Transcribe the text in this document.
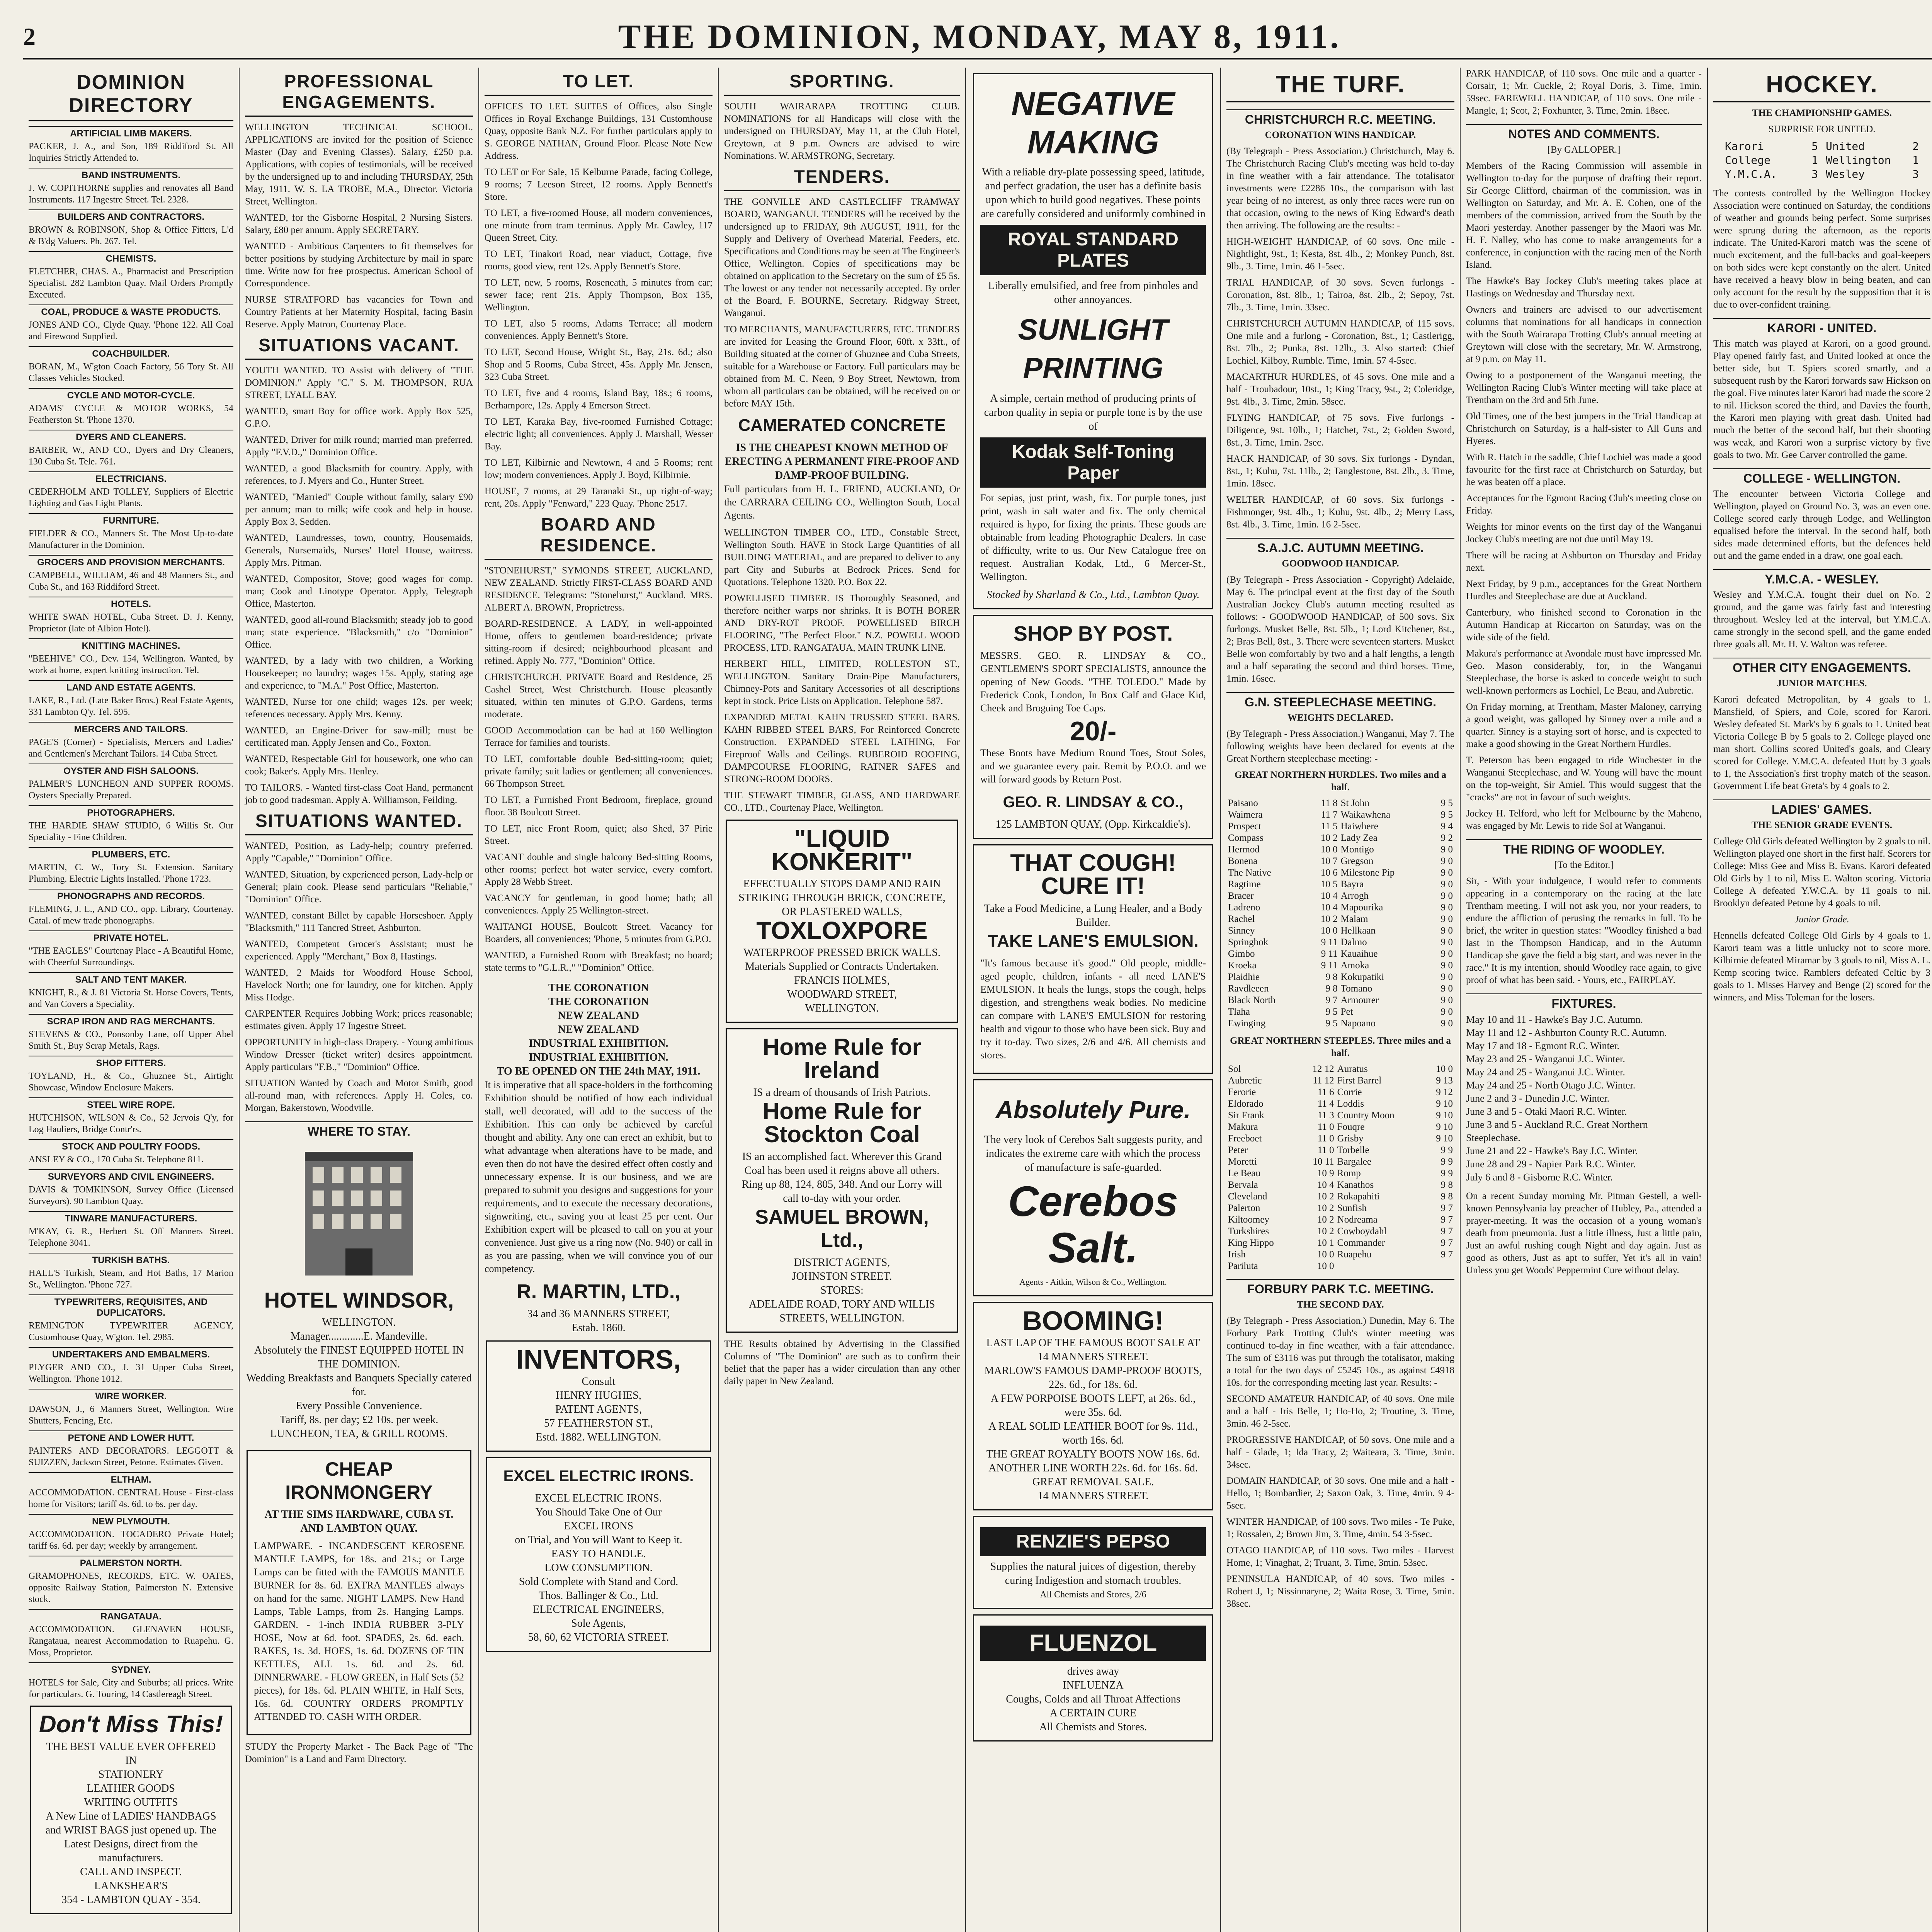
2	THE DOMINION, MONDAY, MAY 8, 1911.
DOMINION DIRECTORY
ARTIFICIAL LIMB MAKERS.
PACKER, J. A., and Son, 189 Riddiford St. All Inquiries Strictly Attended to.
BAND INSTRUMENTS.
J. W. COPITHORNE supplies and renovates all Band Instruments. 117 Ingestre Street. Tel. 2328.
BUILDERS AND CONTRACTORS.
BROWN & ROBINSON, Shop & Office Fitters, L'd & B'dg Valuers. Ph. 267. Tel.
CHEMISTS.
FLETCHER, CHAS. A., Pharmacist and Prescription Specialist. 282 Lambton Quay. Mail Orders Promptly Executed.
COAL, PRODUCE & WASTE PRODUCTS.
JONES AND CO., Clyde Quay. 'Phone 122. All Coal and Firewood Supplied.
COACHBUILDER.
BORAN, M., W'gton Coach Factory, 56 Tory St. All Classes Vehicles Stocked.
CYCLE AND MOTOR-CYCLE.
ADAMS' CYCLE & MOTOR WORKS, 54 Featherston St. 'Phone 1370.
DYERS AND CLEANERS.
BARBER, W., AND CO., Dyers and Dry Cleaners, 130 Cuba St. Tele. 761.
ELECTRICIANS.
CEDERHOLM AND TOLLEY, Suppliers of Electric Lighting and Gas Light Plants.
FURNITURE.
FIELDER & CO., Manners St. The Most Up-to-date Manufacturer in the Dominion.
GROCERS AND PROVISION MERCHANTS.
CAMPBELL, WILLIAM, 46 and 48 Manners St., and Cuba St., and 163 Riddiford Street.
HOTELS.
WHITE SWAN HOTEL, Cuba Street. D. J. Kenny, Proprietor (late of Albion Hotel).
KNITTING MACHINES.
"BEEHIVE" CO., Dev. 154, Wellington. Wanted, by work at home, expert knitting instruction. Tel.
LAND AND ESTATE AGENTS.
LAKE, R., Ltd. (Late Baker Bros.) Real Estate Agents, 331 Lambton Q'y. Tel. 595.
MERCERS AND TAILORS.
PAGE'S (Corner) - Specialists, Mercers and Ladies' and Gentlemen's Merchant Tailors. 14 Cuba Street.
OYSTER AND FISH SALOONS.
PALMER'S LUNCHEON AND SUPPER ROOMS. Oysters Specially Prepared.
PHOTOGRAPHERS.
THE HARDIE SHAW STUDIO, 6 Willis St. Our Speciality - Fine Children.
PLUMBERS, ETC.
MARTIN, C. W., Tory St. Extension. Sanitary Plumbing. Electric Lights Installed. 'Phone 1723.
PHONOGRAPHS AND RECORDS.
FLEMING, J. L., AND CO., opp. Library, Courtenay. Catal. of mew trade phonographs.
PRIVATE HOTEL.
"THE EAGLES" Courtenay Place - A Beautiful Home, with Cheerful Surroundings.
SALT AND TENT MAKER.
KNIGHT, R., & J. 81 Victoria St. Horse Covers, Tents, and Van Covers a Speciality.
SCRAP IRON AND RAG MERCHANTS.
STEVENS & CO., Ponsonby Lane, off Upper Abel Smith St., Buy Scrap Metals, Rags.
SHOP FITTERS.
TOYLAND, H., & Co., Ghuznee St., Airtight Showcase, Window Enclosure Makers.
STEEL WIRE ROPE.
HUTCHISON, WILSON & Co., 52 Jervois Q'y, for Log Hauliers, Bridge Contr'rs.
STOCK AND POULTRY FOODS.
ANSLEY & CO., 170 Cuba St. Telephone 811.
SURVEYORS AND CIVIL ENGINEERS.
DAVIS & TOMKINSON, Survey Office (Licensed Surveyors). 90 Lambton Quay.
TINWARE MANUFACTURERS.
M'KAY, G. R., Herbert St. Off Manners Street. Telephone 3041.
TURKISH BATHS.
HALL'S Turkish, Steam, and Hot Baths, 17 Marion St., Wellington. 'Phone 727.
TYPEWRITERS, REQUISITES, AND DUPLICATORS.
REMINGTON TYPEWRITER AGENCY, Customhouse Quay, W'gton. Tel. 2985.
UNDERTAKERS AND EMBALMERS.
PLYGER AND CO., J. 31 Upper Cuba Street, Wellington. 'Phone 1012.
WIRE WORKER.
DAWSON, J., 6 Manners Street, Wellington. Wire Shutters, Fencing, Etc.
PETONE AND LOWER HUTT.
PAINTERS AND DECORATORS. LEGGOTT & SUIZZEN, Jackson Street, Petone. Estimates Given.
ELTHAM.
ACCOMMODATION. CENTRAL House - First-class home for Visitors; tariff 4s. 6d. to 6s. per day.
NEW PLYMOUTH.
ACCOMMODATION. TOCADERO Private Hotel; tariff 6s. 6d. per day; weekly by arrangement.
PALMERSTON NORTH.
GRAMOPHONES, RECORDS, ETC. W. OATES, opposite Railway Station, Palmerston N. Extensive stock.
RANGATAUA.
ACCOMMODATION. GLENAVEN HOUSE, Rangataua, nearest Accommodation to Ruapehu. G. Moss, Proprietor.
SYDNEY.
HOTELS for Sale, City and Suburbs; all prices. Write for particulars. G. Touring, 14 Castlereagh Street.
Don't Miss This!
THE BEST VALUE EVER OFFERED
IN
STATIONERY
LEATHER GOODS
WRITING OUTFITS
A New Line of LADIES' HANDBAGS and WRIST BAGS just opened up. The Latest Designs, direct from the manufacturers.
CALL AND INSPECT.
LANKSHEAR'S
354 - LAMBTON QUAY - 354.
PROFESSIONAL ENGAGEMENTS.
WELLINGTON TECHNICAL SCHOOL. APPLICATIONS are invited for the position of Science Master (Day and Evening Classes). Salary, £250 p.a. Applications, with copies of testimonials, will be received by the undersigned up to and including THURSDAY, 25th May, 1911. W. S. LA TROBE, M.A., Director. Victoria Street, Wellington.
WANTED, for the Gisborne Hospital, 2 Nursing Sisters. Salary, £80 per annum. Apply SECRETARY.
WANTED - Ambitious Carpenters to fit themselves for better positions by studying Architecture by mail in spare time. Write now for free prospectus. American School of Correspondence.
NURSE STRATFORD has vacancies for Town and Country Patients at her Maternity Hospital, facing Basin Reserve. Apply Matron, Courtenay Place.
SITUATIONS VACANT.
YOUTH WANTED. TO Assist with delivery of "THE DOMINION." Apply "C." S. M. THOMPSON, RUA STREET, LYALL BAY.
WANTED, smart Boy for office work. Apply Box 525, G.P.O.
WANTED, Driver for milk round; married man preferred. Apply "F.V.D.," Dominion Office.
WANTED, a good Blacksmith for country. Apply, with references, to J. Myers and Co., Hunter Street.
WANTED, "Married" Couple without family, salary £90 per annum; man to milk; wife cook and help in house. Apply Box 3, Sedden.
WANTED, Laundresses, town, country, Housemaids, Generals, Nursemaids, Nurses' Hotel House, waitress. Apply Mrs. Pitman.
WANTED, Compositor, Stove; good wages for comp. man; Cook and Linotype Operator. Apply, Telegraph Office, Masterton.
WANTED, good all-round Blacksmith; steady job to good man; state experience. "Blacksmith," c/o "Dominion" Office.
WANTED, by a lady with two children, a Working Housekeeper; no laundry; wages 15s. Apply, stating age and experience, to "M.A." Post Office, Masterton.
WANTED, Nurse for one child; wages 12s. per week; references necessary. Apply Mrs. Kenny.
WANTED, an Engine-Driver for saw-mill; must be certificated man. Apply Jensen and Co., Foxton.
WANTED, Respectable Girl for housework, one who can cook; Baker's. Apply Mrs. Henley.
TO TAILORS. - Wanted first-class Coat Hand, permanent job to good tradesman. Apply A. Williamson, Feilding.
SITUATIONS WANTED.
WANTED, Position, as Lady-help; country preferred. Apply "Capable," "Dominion" Office.
WANTED, Situation, by experienced person, Lady-help or General; plain cook. Please send particulars "Reliable," "Dominion" Office.
WANTED, constant Billet by capable Horseshoer. Apply "Blacksmith," 111 Tancred Street, Ashburton.
WANTED, Competent Grocer's Assistant; must be experienced. Apply "Merchant," Box 8, Hastings.
WANTED, 2 Maids for Woodford House School, Havelock North; one for laundry, one for kitchen. Apply Miss Hodge.
CARPENTER Requires Jobbing Work; prices reasonable; estimates given. Apply 17 Ingestre Street.
OPPORTUNITY in high-class Drapery. - Young ambitious Window Dresser (ticket writer) desires appointment. Apply particulars "F.B.," "Dominion" Office.
SITUATION Wanted by Coach and Motor Smith, good all-round man, with references. Apply H. Coles, co. Morgan, Bakerstown, Woodville.
WHERE TO STAY.
HOTEL WINDSOR,
WELLINGTON.
Manager.............E. Mandeville.
Absolutely the FINEST EQUIPPED HOTEL IN THE DOMINION.
Wedding Breakfasts and Banquets Specially catered for.
Every Possible Convenience.
Tariff, 8s. per day; £2 10s. per week.
LUNCHEON, TEA, & GRILL ROOMS.
CHEAP IRONMONGERY
AT THE SIMS HARDWARE, CUBA ST. AND LAMBTON QUAY.
LAMPWARE. - INCANDESCENT KEROSENE MANTLE LAMPS, for 18s. and 21s.; or Large Lamps can be fitted with the FAMOUS MANTLE BURNER for 8s. 6d. EXTRA MANTLES always on hand for the same. NIGHT LAMPS. New Hand Lamps, Table Lamps, from 2s. Hanging Lamps. GARDEN. - 1-inch INDIA RUBBER 3-PLY HOSE, Now at 6d. foot. SPADES, 2s. 6d. each. RAKES, 1s. 3d. HOES, 1s. 6d. DOZENS OF TIN KETTLES, ALL 1s. 6d. and 2s. 6d. DINNERWARE. - FLOW GREEN, in Half Sets (52 pieces), for 18s. 6d. PLAIN WHITE, in Half Sets, 16s. 6d. COUNTRY ORDERS PROMPTLY ATTENDED TO. CASH WITH ORDER.
STUDY the Property Market - The Back Page of "The Dominion" is a Land and Farm Directory.
TO LET.
OFFICES TO LET. SUITES of Offices, also Single Offices in Royal Exchange Buildings, 131 Customhouse Quay, opposite Bank N.Z. For further particulars apply to S. GEORGE NATHAN, Ground Floor. Please Note New Address.
TO LET or For Sale, 15 Kelburne Parade, facing College, 9 rooms; 7 Leeson Street, 12 rooms. Apply Bennett's Store.
TO LET, a five-roomed House, all modern conveniences, one minute from tram terminus. Apply Mr. Cawley, 117 Queen Street, City.
TO LET, Tinakori Road, near viaduct, Cottage, five rooms, good view, rent 12s. Apply Bennett's Store.
TO LET, new, 5 rooms, Roseneath, 5 minutes from car; sewer face; rent 21s. Apply Thompson, Box 135, Wellington.
TO LET, also 5 rooms, Adams Terrace; all modern conveniences. Apply Bennett's Store.
TO LET, Second House, Wright St., Bay, 21s. 6d.; also Shop and 5 Rooms, Cuba Street, 45s. Apply Mr. Jensen, 323 Cuba Street.
TO LET, five and 4 rooms, Island Bay, 18s.; 6 rooms, Berhampore, 12s. Apply 4 Emerson Street.
TO LET, Karaka Bay, five-roomed Furnished Cottage; electric light; all conveniences. Apply J. Marshall, Wesser Bay.
TO LET, Kilbirnie and Newtown, 4 and 5 Rooms; rent low; modern conveniences. Apply J. Boyd, Kilbirnie.
HOUSE, 7 rooms, at 29 Taranaki St., up right-of-way; rent, 20s. Apply "Fenward," 223 Quay. 'Phone 2517.
BOARD AND RESIDENCE.
"STONEHURST," SYMONDS STREET, AUCKLAND, NEW ZEALAND. Strictly FIRST-CLASS BOARD AND RESIDENCE. Telegrams: "Stonehurst," Auckland. MRS. ALBERT A. BROWN, Proprietress.
BOARD-RESIDENCE. A LADY, in well-appointed Home, offers to gentlemen board-residence; private sitting-room if desired; neighbourhood pleasant and refined. Apply No. 777, "Dominion" Office.
CHRISTCHURCH. PRIVATE Board and Residence, 25 Cashel Street, West Christchurch. House pleasantly situated, within ten minutes of G.P.O. Gardens, terms moderate.
GOOD Accommodation can be had at 160 Wellington Terrace for families and tourists.
TO LET, comfortable double Bed-sitting-room; quiet; private family; suit ladies or gentlemen; all conveniences. 66 Thompson Street.
TO LET, a Furnished Front Bedroom, fireplace, ground floor. 38 Boulcott Street.
TO LET, nice Front Room, quiet; also Shed, 37 Pirie Street.
VACANT double and single balcony Bed-sitting Rooms, other rooms; perfect hot water service, every comfort. Apply 28 Webb Street.
VACANCY for gentleman, in good home; bath; all conveniences. Apply 25 Wellington-street.
WAITANGI HOUSE, Boulcott Street. Vacancy for Boarders, all conveniences; 'Phone, 5 minutes from G.P.O.
WANTED, a Furnished Room with Breakfast; no board; state terms to "G.L.R.," "Dominion" Office.
THE CORONATION
THE CORONATION
NEW ZEALAND
NEW ZEALAND
INDUSTRIAL EXHIBITION.
INDUSTRIAL EXHIBITION.
TO BE OPENED ON THE 24th MAY, 1911.
It is imperative that all space-holders in the forthcoming Exhibition should be notified of how each individual stall, well decorated, will add to the success of the Exhibition. This can only be achieved by careful thought and ability. Any one can erect an exhibit, but to what advantage when alterations have to be made, and even then do not have the desired effect often costly and unnecessary expense. It is our business, and we are prepared to submit you designs and suggestions for your requirements, and to execute the necessary decorations, signwriting, etc., saving you at least 25 per cent. Our Exhibition expert will be pleased to call on you at your convenience. Just give us a ring now (No. 940) or call in as you are passing, when we will convince you of our competency.
R. MARTIN, LTD.,
34 and 36 MANNERS STREET,
Estab. 1860.
INVENTORS,
Consult
HENRY HUGHES,
PATENT AGENTS,
57 FEATHERSTON ST.,
Estd. 1882. WELLINGTON.
EXCEL ELECTRIC IRONS.
EXCEL ELECTRIC IRONS.
You Should Take One of Our
EXCEL IRONS
on Trial, and You will Want to Keep it.
EASY TO HANDLE.
LOW CONSUMPTION.
Sold Complete with Stand and Cord.
Thos. Ballinger & Co., Ltd.
ELECTRICAL ENGINEERS,
Sole Agents,
58, 60, 62 VICTORIA STREET.
SPORTING.
SOUTH WAIRARAPA TROTTING CLUB. NOMINATIONS for all Handicaps will close with the undersigned on THURSDAY, May 11, at the Club Hotel, Greytown, at 9 p.m. Owners are advised to wire Nominations. W. ARMSTRONG, Secretary.
TENDERS.
THE GONVILLE AND CASTLECLIFF TRAMWAY BOARD, WANGANUI. TENDERS will be received by the undersigned up to FRIDAY, 9th AUGUST, 1911, for the Supply and Delivery of Overhead Material, Feeders, etc. Specifications and Conditions may be seen at The Engineer's Office, Wellington. Copies of specifications may be obtained on application to the Secretary on the sum of £5 5s. The lowest or any tender not necessarily accepted. By order of the Board, F. BOURNE, Secretary. Ridgway Street, Wanganui.
TO MERCHANTS, MANUFACTURERS, ETC. TENDERS are invited for Leasing the Ground Floor, 60ft. x 33ft., of Building situated at the corner of Ghuznee and Cuba Streets, suitable for a Warehouse or Factory. Full particulars may be obtained from M. C. Neen, 9 Boy Street, Newtown, from whom all particulars can be obtained, will be received on or before MAY 15th.
CAMERATED CONCRETE
IS THE CHEAPEST KNOWN METHOD OF ERECTING A PERMANENT FIRE-PROOF AND DAMP-PROOF BUILDING.
Full particulars from H. L. FRIEND, AUCKLAND, Or the CARRARA CEILING CO., Wellington South, Local Agents.
WELLINGTON TIMBER CO., LTD., Constable Street, Wellington South. HAVE in Stock Large Quantities of all BUILDING MATERIAL, and are prepared to deliver to any part City and Suburbs at Bedrock Prices. Send for Quotations. Telephone 1320. P.O. Box 22.
POWELLISED TIMBER. IS Thoroughly Seasoned, and therefore neither warps nor shrinks. It is BOTH BORER AND DRY-ROT PROOF. POWELLISED BIRCH FLOORING, "The Perfect Floor." N.Z. POWELL WOOD PROCESS, LTD. RANGATAUA, MAIN TRUNK LINE.
HERBERT HILL, LIMITED, ROLLESTON ST., WELLINGTON. Sanitary Drain-Pipe Manufacturers, Chimney-Pots and Sanitary Accessories of all descriptions kept in stock. Price Lists on Application. Telephone 587.
EXPANDED METAL KAHN TRUSSED STEEL BARS. KAHN RIBBED STEEL BARS, For Reinforced Concrete Construction. EXPANDED STEEL LATHING, For Fireproof Walls and Ceilings. RUBEROID ROOFING, DAMPCOURSE FLOORING, RATNER SAFES and STRONG-ROOM DOORS.
THE STEWART TIMBER, GLASS, AND HARDWARE CO., LTD., Courtenay Place, Wellington.
"LIQUID KONKERIT"
EFFECTUALLY STOPS DAMP AND RAIN STRIKING THROUGH BRICK, CONCRETE, OR PLASTERED WALLS,
TOXLOXPORE
WATERPROOF PRESSED BRICK WALLS.
Materials Supplied or Contracts Undertaken.
FRANCIS HOLMES,
WOODWARD STREET,
WELLINGTON.
Home Rule for Ireland
IS a dream of thousands of Irish Patriots.
Home Rule for Stockton Coal
IS an accomplished fact. Wherever this Grand Coal has been used it reigns above all others. Ring up 88, 124, 805, 348. And our Lorry will call to-day with your order.
SAMUEL BROWN, Ltd.,
DISTRICT AGENTS,
JOHNSTON STREET.
STORES:
ADELAIDE ROAD, TORY AND WILLIS STREETS, WELLINGTON.
THE Results obtained by Advertising in the Classified Columns of "The Dominion" are such as to confirm their belief that the paper has a wider circulation than any other daily paper in New Zealand.
NEGATIVE MAKING
With a reliable dry-plate possessing speed, latitude, and perfect gradation, the user has a definite basis upon which to build good negatives. These points are carefully considered and uniformly combined in
ROYAL STANDARD PLATES
Liberally emulsified, and free from pinholes and other annoyances.
SUNLIGHT PRINTING
A simple, certain method of producing prints of carbon quality in sepia or purple tone is by the use of
Kodak Self-Toning Paper
For sepias, just print, wash, fix. For purple tones, just print, wash in salt water and fix. The only chemical required is hypo, for fixing the prints. These goods are obtainable from leading Photographic Dealers. In case of difficulty, write to us. Our New Catalogue free on request. Australian Kodak, Ltd., 6 Mercer-St., Wellington.
Stocked by Sharland & Co., Ltd., Lambton Quay.
SHOP BY POST.
MESSRS. GEO. R. LINDSAY & CO., GENTLEMEN'S SPORT SPECIALISTS, announce the opening of New Goods. "THE TOLEDO." Made by Frederick Cook, London, In Box Calf and Glace Kid, Cheek and Broguing Toe Caps.
20/-
These Boots have Medium Round Toes, Stout Soles, and we guarantee every pair. Remit by P.O.O. and we will forward goods by Return Post.
GEO. R. LINDSAY & CO.,
125 LAMBTON QUAY, (Opp. Kirkcaldie's).
THAT COUGH! CURE IT!
Take a Food Medicine, a Lung Healer, and a Body Builder.
TAKE LANE'S EMULSION.
"It's famous because it's good." Old people, middle-aged people, children, infants - all need LANE'S EMULSION. It heals the lungs, stops the cough, helps digestion, and strengthens weak bodies. No medicine can compare with LANE'S EMULSION for restoring health and vigour to those who have been sick. Buy and try it to-day. Two sizes, 2/6 and 4/6. All chemists and stores.
Absolutely Pure.
The very look of Cerebos Salt suggests purity, and indicates the extreme care with which the process of manufacture is safe-guarded.
Cerebos Salt.
Agents - Aitkin, Wilson & Co., Wellington.
BOOMING!
LAST LAP OF THE FAMOUS BOOT SALE AT
14 MANNERS STREET.
MARLOW'S FAMOUS DAMP-PROOF BOOTS, 22s. 6d., for 18s. 6d.
A FEW PORPOISE BOOTS LEFT, at 26s. 6d., were 35s. 6d.
A REAL SOLID LEATHER BOOT for 9s. 11d., worth 16s. 6d.
THE GREAT ROYALTY BOOTS NOW 16s. 6d.
ANOTHER LINE WORTH 22s. 6d. for 16s. 6d.
GREAT REMOVAL SALE.
14 MANNERS STREET.
RENZIE'S PEPSO
Supplies the natural juices of digestion, thereby curing Indigestion and stomach troubles.
All Chemists and Stores, 2/6
FLUENZOL
drives away
INFLUENZA
Coughs, Colds and all Throat Affections
A CERTAIN CURE
All Chemists and Stores.
THE TURF.
CHRISTCHURCH R.C. MEETING.
CORONATION WINS HANDICAP.
(By Telegraph - Press Association.) Christchurch, May 6. The Christchurch Racing Club's meeting was held to-day in fine weather with a fair attendance. The totalisator investments were £2286 10s., the comparison with last year being of no interest, as only three races were run on that occasion, owing to the news of King Edward's death then arriving. The following are the results: -
HIGH-WEIGHT HANDICAP, of 60 sovs. One mile - Nightlight, 9st., 1; Kesta, 8st. 4lb., 2; Monkey Punch, 8st. 9lb., 3. Time, 1min. 46 1-5sec.
TRIAL HANDICAP, of 30 sovs. Seven furlongs - Coronation, 8st. 8lb., 1; Tairoa, 8st. 2lb., 2; Sepoy, 7st. 7lb., 3. Time, 1min. 33sec.
CHRISTCHURCH AUTUMN HANDICAP, of 115 sovs. One mile and a furlong - Coronation, 8st., 1; Castlerigg, 8st. 7lb., 2; Punka, 8st. 12lb., 3. Also started: Chief Lochiel, Kilboy, Rumble. Time, 1min. 57 4-5sec.
MACARTHUR HURDLES, of 45 sovs. One mile and a half - Troubadour, 10st., 1; King Tracy, 9st., 2; Coleridge, 9st. 4lb., 3. Time, 2min. 58sec.
FLYING HANDICAP, of 75 sovs. Five furlongs - Diligence, 9st. 10lb., 1; Hatchet, 7st., 2; Golden Sword, 8st., 3. Time, 1min. 2sec.
HACK HANDICAP, of 30 sovs. Six furlongs - Dyndan, 8st., 1; Kuhu, 7st. 11lb., 2; Tanglestone, 8st. 2lb., 3. Time, 1min. 18sec.
WELTER HANDICAP, of 60 sovs. Six furlongs - Fishmonger, 9st. 4lb., 1; Kuhu, 9st. 4lb., 2; Merry Lass, 8st. 4lb., 3. Time, 1min. 16 2-5sec.
S.A.J.C. AUTUMN MEETING.
GOODWOOD HANDICAP.
(By Telegraph - Press Association - Copyright) Adelaide, May 6. The principal event at the first day of the South Australian Jockey Club's autumn meeting resulted as follows: - GOODWOOD HANDICAP, of 500 sovs. Six furlongs. Musket Belle, 8st. 5lb., 1; Lord Kitchener, 8st., 2; Bras Bell, 8st., 3. There were seventeen starters. Musket Belle won comfortably by two and a half lengths, a length and a half separating the second and third horses. Time, 1min. 16sec.
G.N. STEEPLECHASE MEETING.
WEIGHTS DECLARED.
(By Telegraph - Press Association.) Wanganui, May 7. The following weights have been declared for events at the Great Northern steeplechase meeting: -
GREAT NORTHERN HURDLES. Two miles and a half.
Paisano	11 8	St John	9 5
Waimera	11 7	Waikawhena	9 5
Prospect	11 5	Haiwhere	9 4
Compass	10 2	Lady Zea	9 2
Hermod	10 0	Montigo	9 0
Bonena	10 7	Gregson	9 0
The Native	10 6	Milestone Pip	9 0
Ragtime	10 5	Bayra	9 0
Bracer	10 4	Arrogh	9 0
Ladreno	10 4	Mapourika	9 0
Rachel	10 2	Malam	9 0
Sinney	10 0	Hellkaan	9 0
Springbok	9 11	Dalmo	9 0
Gimbo	9 11	Kauaihue	9 0
Kroeka	9 11	Amoka	9 0
Plaidhie	9 8	Kokupatiki	9 0
Ravdleeen	9 8	Tomano	9 0
Black North	9 7	Armourer	9 0
Tlaha	9 5	Pet	9 0
Ewinging	9 5	Napoano	9 0
GREAT NORTHERN STEEPLES. Three miles and a half.
Sol	12 12	Auratus	10 0
Aubretic	11 12	First Barrel	9 13
Ferorie	11 6	Corrie	9 12
Eldorado	11 4	Loddis	9 10
Sir Frank	11 3	Country Moon	9 10
Makura	11 0	Fouqre	9 10
Freeboet	11 0	Grisby	9 10
Peter	11 0	Torbelle	9 9
Moretti	10 11	Bargalee	9 9
Le Beau	10 9	Romp	9 9
Bervala	10 4	Kanathos	9 8
Cleveland	10 2	Rokapahiti	9 8
Palerton	10 2	Sunfish	9 7
Kiltoomey	10 2	Nodreama	9 7
Turkshires	10 2	Cowboydahl	9 7
King Hippo	10 1	Commander	9 7
Irish	10 0	Ruapehu	9 7
Pariluta	10 0		
FORBURY PARK T.C. MEETING.
THE SECOND DAY.
(By Telegraph - Press Association.) Dunedin, May 6. The Forbury Park Trotting Club's winter meeting was continued to-day in fine weather, with a fair attendance. The sum of £3116 was put through the totalisator, making a total for the two days of £5245 10s., as against £4918 10s. for the corresponding meeting last year. Results: -
SECOND AMATEUR HANDICAP, of 40 sovs. One mile and a half - Iris Belle, 1; Ho-Ho, 2; Troutine, 3. Time, 3min. 46 2-5sec.
PROGRESSIVE HANDICAP, of 50 sovs. One mile and a half - Glade, 1; Ida Tracy, 2; Waiteara, 3. Time, 3min. 34sec.
DOMAIN HANDICAP, of 30 sovs. One mile and a half - Hello, 1; Bombardier, 2; Saxon Oak, 3. Time, 4min. 9 4-5sec.
WINTER HANDICAP, of 100 sovs. Two miles - Te Puke, 1; Rossalen, 2; Brown Jim, 3. Time, 4min. 54 3-5sec.
OTAGO HANDICAP, of 110 sovs. Two miles - Harvest Home, 1; Vinaghat, 2; Truant, 3. Time, 3min. 53sec.
PENINSULA HANDICAP, of 40 sovs. Two miles - Robert J, 1; Nissinnaryne, 2; Waita Rose, 3. Time, 5min. 38sec.
PARK HANDICAP, of 110 sovs. One mile and a quarter - Corsair, 1; Mr. Cuckle, 2; Royal Doris, 3. Time, 1min. 59sec. FAREWELL HANDICAP, of 110 sovs. One mile - Mangle, 1; Scot, 2; Foxhunter, 3. Time, 2min. 18sec.
NOTES AND COMMENTS.
[By GALLOPER.]
Members of the Racing Commission will assemble in Wellington to-day for the purpose of drafting their report. Sir George Clifford, chairman of the commission, was in Wellington on Saturday, and Mr. A. E. Cohen, one of the members of the commission, arrived from the South by the Maori yesterday. Another passenger by the Maori was Mr. H. F. Nalley, who has come to make arrangements for a conference, in conjunction with the racing men of the North Island.
The Hawke's Bay Jockey Club's meeting takes place at Hastings on Wednesday and Thursday next.
Owners and trainers are advised to our advertisement columns that nominations for all handicaps in connection with the South Wairarapa Trotting Club's annual meeting at Greytown will close with the secretary, Mr. W. Armstrong, at 9 p.m. on May 11.
Owing to a postponement of the Wanganui meeting, the Wellington Racing Club's Winter meeting will take place at Trentham on the 3rd and 5th June.
Old Times, one of the best jumpers in the Trial Handicap at Christchurch on Saturday, is a half-sister to All Guns and Hyeres.
With R. Hatch in the saddle, Chief Lochiel was made a good favourite for the first race at Christchurch on Saturday, but he was beaten off a place.
Acceptances for the Egmont Racing Club's meeting close on Friday.
Weights for minor events on the first day of the Wanganui Jockey Club's meeting are not due until May 19.
There will be racing at Ashburton on Thursday and Friday next.
Next Friday, by 9 p.m., acceptances for the Great Northern Hurdles and Steeplechase are due at Auckland.
Canterbury, who finished second to Coronation in the Autumn Handicap at Riccarton on Saturday, was on the wide side of the field.
Makura's performance at Avondale must have impressed Mr. Geo. Mason considerably, for, in the Wanganui Steeplechase, the horse is asked to concede weight to such well-known performers as Lochiel, Le Beau, and Aubretic.
On Friday morning, at Trentham, Master Maloney, carrying a good weight, was galloped by Sinney over a mile and a quarter. Sinney is a staying sort of horse, and is expected to make a good showing in the Great Northern Hurdles.
T. Peterson has been engaged to ride Winchester in the Wanganui Steeplechase, and W. Young will have the mount on the top-weight, Sir Amiel. This would suggest that the "cracks" are not in favour of such weights.
Jockey H. Telford, who left for Melbourne by the Maheno, was engaged by Mr. Lewis to ride Sol at Wanganui.
THE RIDING OF WOODLEY.
[To the Editor.]
Sir, - With your indulgence, I would refer to comments appearing in a contemporary on the racing at the late Trentham meeting. I will not ask you, nor your readers, to endure the affliction of perusing the remarks in full. To be brief, the writer in question states: "Woodley finished a bad last in the Thompson Handicap, and in the Autumn Handicap she gave the field a big start, and was never in the race." It is my intention, should Woodley race again, to give proof of what has been said. - Yours, etc., FAIRPLAY.
FIXTURES.
May 10 and 11 - Hawke's Bay J.C. Autumn.
May 11 and 12 - Ashburton County R.C. Autumn.
May 17 and 18 - Egmont R.C. Winter.
May 23 and 25 - Wanganui J.C. Winter.
May 24 and 25 - Wanganui J.C. Winter.
May 24 and 25 - North Otago J.C. Winter.
June 2 and 3 - Dunedin J.C. Winter.
June 3 and 5 - Otaki Maori R.C. Winter.
June 3 and 5 - Auckland R.C. Great Northern Steeplechase.
June 21 and 22 - Hawke's Bay J.C. Winter.
June 28 and 29 - Napier Park R.C. Winter.
July 6 and 8 - Gisborne R.C. Winter.
On a recent Sunday morning Mr. Pitman Gestell, a well-known Pennsylvania lay preacher of Hubley, Pa., attended a prayer-meeting. It was the occasion of a young woman's death from pneumonia. Just a little illness, Just a little pain, Just an awful rushing cough Night and day again. Just as good as others, Just as apt to suffer, Yet it's all in vain! Unless you get Woods' Peppermint Cure without delay.
HOCKEY.
THE CHAMPIONSHIP GAMES.
SURPRISE FOR UNITED.
Karori	5 United	2
College	1 Wellington	1
Y.M.C.A.	3 Wesley	3
The contests controlled by the Wellington Hockey Association were continued on Saturday, the conditions of weather and grounds being perfect. Some surprises were sprung during the afternoon, as the reports indicate. The United-Karori match was the scene of much excitement, and the full-backs and goal-keepers on both sides were kept constantly on the alert. United have received a heavy blow in being beaten, and can only account for the result by the supposition that it is due to over-confident training.
KARORI - UNITED.
This match was played at Karori, on a good ground. Play opened fairly fast, and United looked at once the better side, but T. Spiers scored smartly, and a subsequent rush by the Karori forwards saw Hickson on the goal. Five minutes later Karori had made the score 2 to nil. Hickson scored the third, and Davies the fourth, the Karori men playing with great dash. United had much the better of the second half, but their shooting was weak, and Karori won a surprise victory by five goals to two. Mr. Gee Carver controlled the game.
COLLEGE - WELLINGTON.
The encounter between Victoria College and Wellington, played on Ground No. 3, was an even one. College scored early through Lodge, and Wellington equalised before the interval. In the second half, both sides made determined efforts, but the defences held out and the game ended in a draw, one goal each.
Y.M.C.A. - WESLEY.
Wesley and Y.M.C.A. fought their duel on No. 2 ground, and the game was fairly fast and interesting throughout. Wesley led at the interval, but Y.M.C.A. came strongly in the second spell, and the game ended three goals all. Mr. H. V. Walton was referee.
OTHER CITY ENGAGEMENTS.
JUNIOR MATCHES.
Karori defeated Metropolitan, by 4 goals to 1. Mansfield, of Spiers, and Cole, scored for Karori. Wesley defeated St. Mark's by 6 goals to 1. United beat Victoria College B by 5 goals to 2. College played one man short. Collins scored United's goals, and Cleary scored for College. Y.M.C.A. defeated Hutt by 3 goals to 1, the Association's first trophy match of the season. Government Life beat Greta's by 4 goals to 2.
LADIES' GAMES.
THE SENIOR GRADE EVENTS.
College Old Girls defeated Wellington by 2 goals to nil. Wellington played one short in the first half. Scorers for College: Miss Gee and Miss B. Evans. Karori defeated Old Girls by 1 to nil, Miss E. Walton scoring. Victoria College A defeated Y.W.C.A. by 11 goals to nil. Brooklyn defeated Petone by 4 goals to nil.
Junior Grade.
Hennells defeated College Old Girls by 4 goals to 1. Karori team was a little unlucky not to score more. Kilbirnie defeated Miramar by 3 goals to nil, Miss A. L. Kemp scoring twice. Ramblers defeated Celtic by 3 goals to 1. Misses Harvey and Benge (2) scored for the winners, and Miss Toleman for the losers.
